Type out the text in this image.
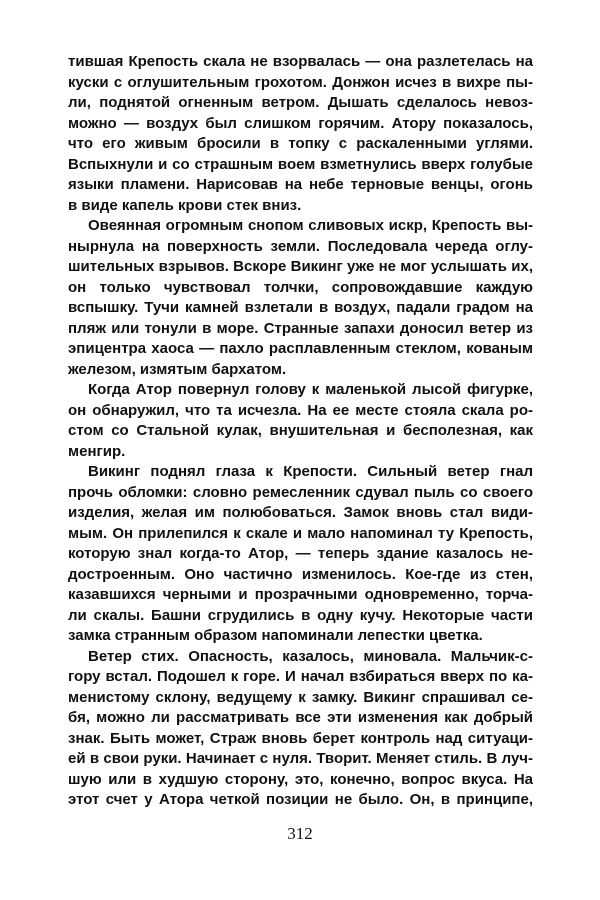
тившая Крепость скала не взорвалась — она разлетелась на
куски с оглушительным грохотом. Донжон исчез в вихре пы-
ли, поднятой огненным ветром. Дышать сделалось невоз-
можно — воздух был слишком горячим. Атору показалось,
что его живым бросили в топку с раскаленными углями.
Вспыхнули и со страшным воем взметнулись вверх голубые
языки пламени. Нарисовав на небе терновые венцы, огонь
в виде капель крови стек вниз.
Овеянная огромным снопом сливовых искр, Крепость вы-
нырнула на поверхность земли. Последовала череда оглу-
шительных взрывов. Вскоре Викинг уже не мог услышать их,
он только чувствовал толчки, сопровождавшие каждую
вспышку. Тучи камней взлетали в воздух, падали градом на
пляж или тонули в море. Странные запахи доносил ветер из
эпицентра хаоса — пахло расплавленным стеклом, кованым
железом, измятым бархатом.
Когда Атор повернул голову к маленькой лысой фигурке,
он обнаружил, что та исчезла. На ее месте стояла скала ро-
стом со Стальной кулак, внушительная и бесполезная, как
менгир.
Викинг поднял глаза к Крепости. Сильный ветер гнал
прочь обломки: словно ремесленник сдувал пыль со своего
изделия, желая им полюбоваться. Замок вновь стал види-
мым. Он прилепился к скале и мало напоминал ту Крепость,
которую знал когда-то Атор, — теперь здание казалось не-
достроенным. Оно частично изменилось. Кое-где из стен,
казавшихся черными и прозрачными одновременно, торча-
ли скалы. Башни сгрудились в одну кучу. Некоторые части
замка странным образом напоминали лепестки цветка.
Ветер стих. Опасность, казалось, миновала. Мальчик-с-
гору встал. Подошел к горе. И начал взбираться вверх по ка-
менистому склону, ведущему к замку. Викинг спрашивал се-
бя, можно ли рассматривать все эти изменения как добрый
знак. Быть может, Страж вновь берет контроль над ситуаци-
ей в свои руки. Начинает с нуля. Творит. Меняет стиль. В луч-
шую или в худшую сторону, это, конечно, вопрос вкуса. На
этот счет у Атора четкой позиции не было. Он, в принципе,
312
